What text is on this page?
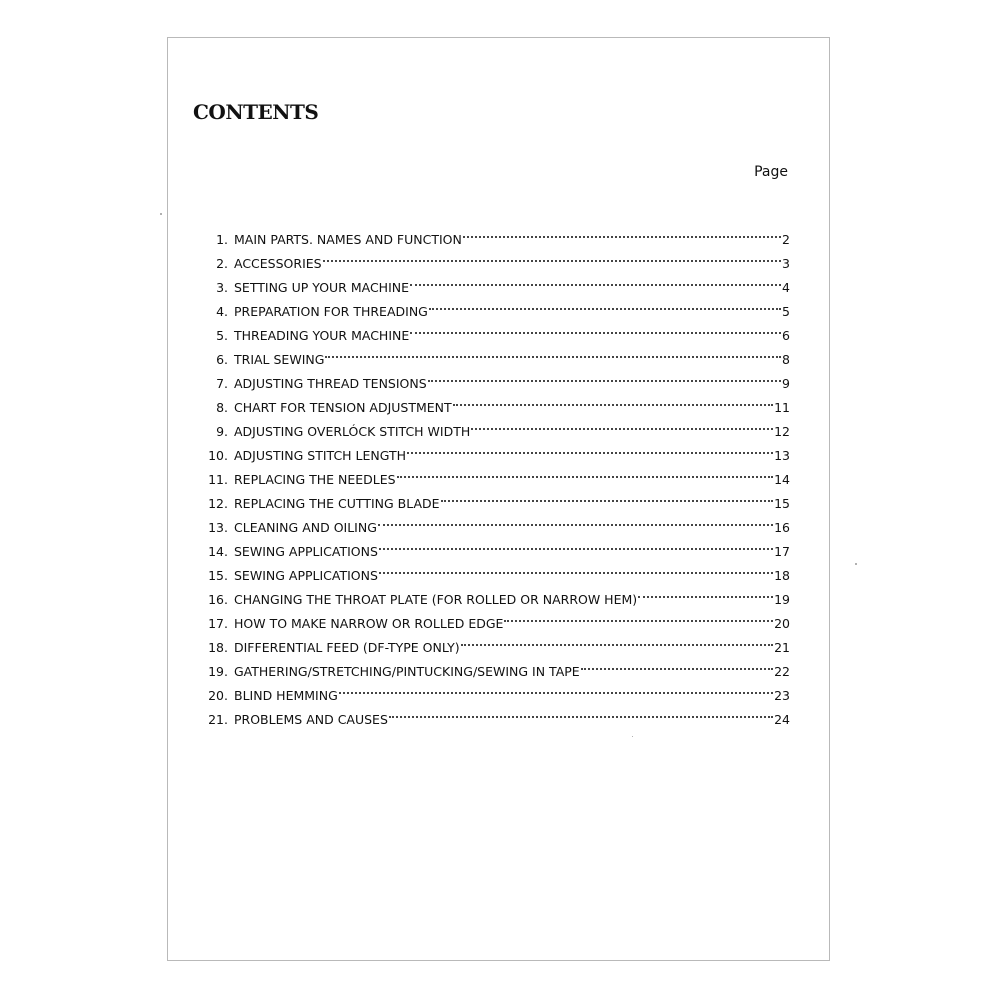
CONTENTS
Page
1. MAIN PARTS. NAMES AND FUNCTION	2
2. ACCESSORIES	3
3. SETTING UP YOUR MACHINE	4
4. PREPARATION FOR THREADING	5
5. THREADING YOUR MACHINE	6
6. TRIAL SEWING	8
7. ADJUSTING THREAD TENSIONS	9
8. CHART FOR TENSION ADJUSTMENT	11
9. ADJUSTING OVERLÓCK STITCH WIDTH	12
10. ADJUSTING STITCH LENGTH	13
11. REPLACING THE NEEDLES	14
12. REPLACING THE CUTTING BLADE	15
13. CLEANING AND OILING	16
14. SEWING APPLICATIONS	17
15. SEWING APPLICATIONS	18
16. CHANGING THE THROAT PLATE (FOR ROLLED OR NARROW HEM)	19
17. HOW TO MAKE NARROW OR ROLLED EDGE	20
18. DIFFERENTIAL FEED (DF-TYPE ONLY)	21
19. GATHERING/STRETCHING/PINTUCKING/SEWING IN TAPE	22
20. BLIND HEMMING	23
21. PROBLEMS AND CAUSES	24
